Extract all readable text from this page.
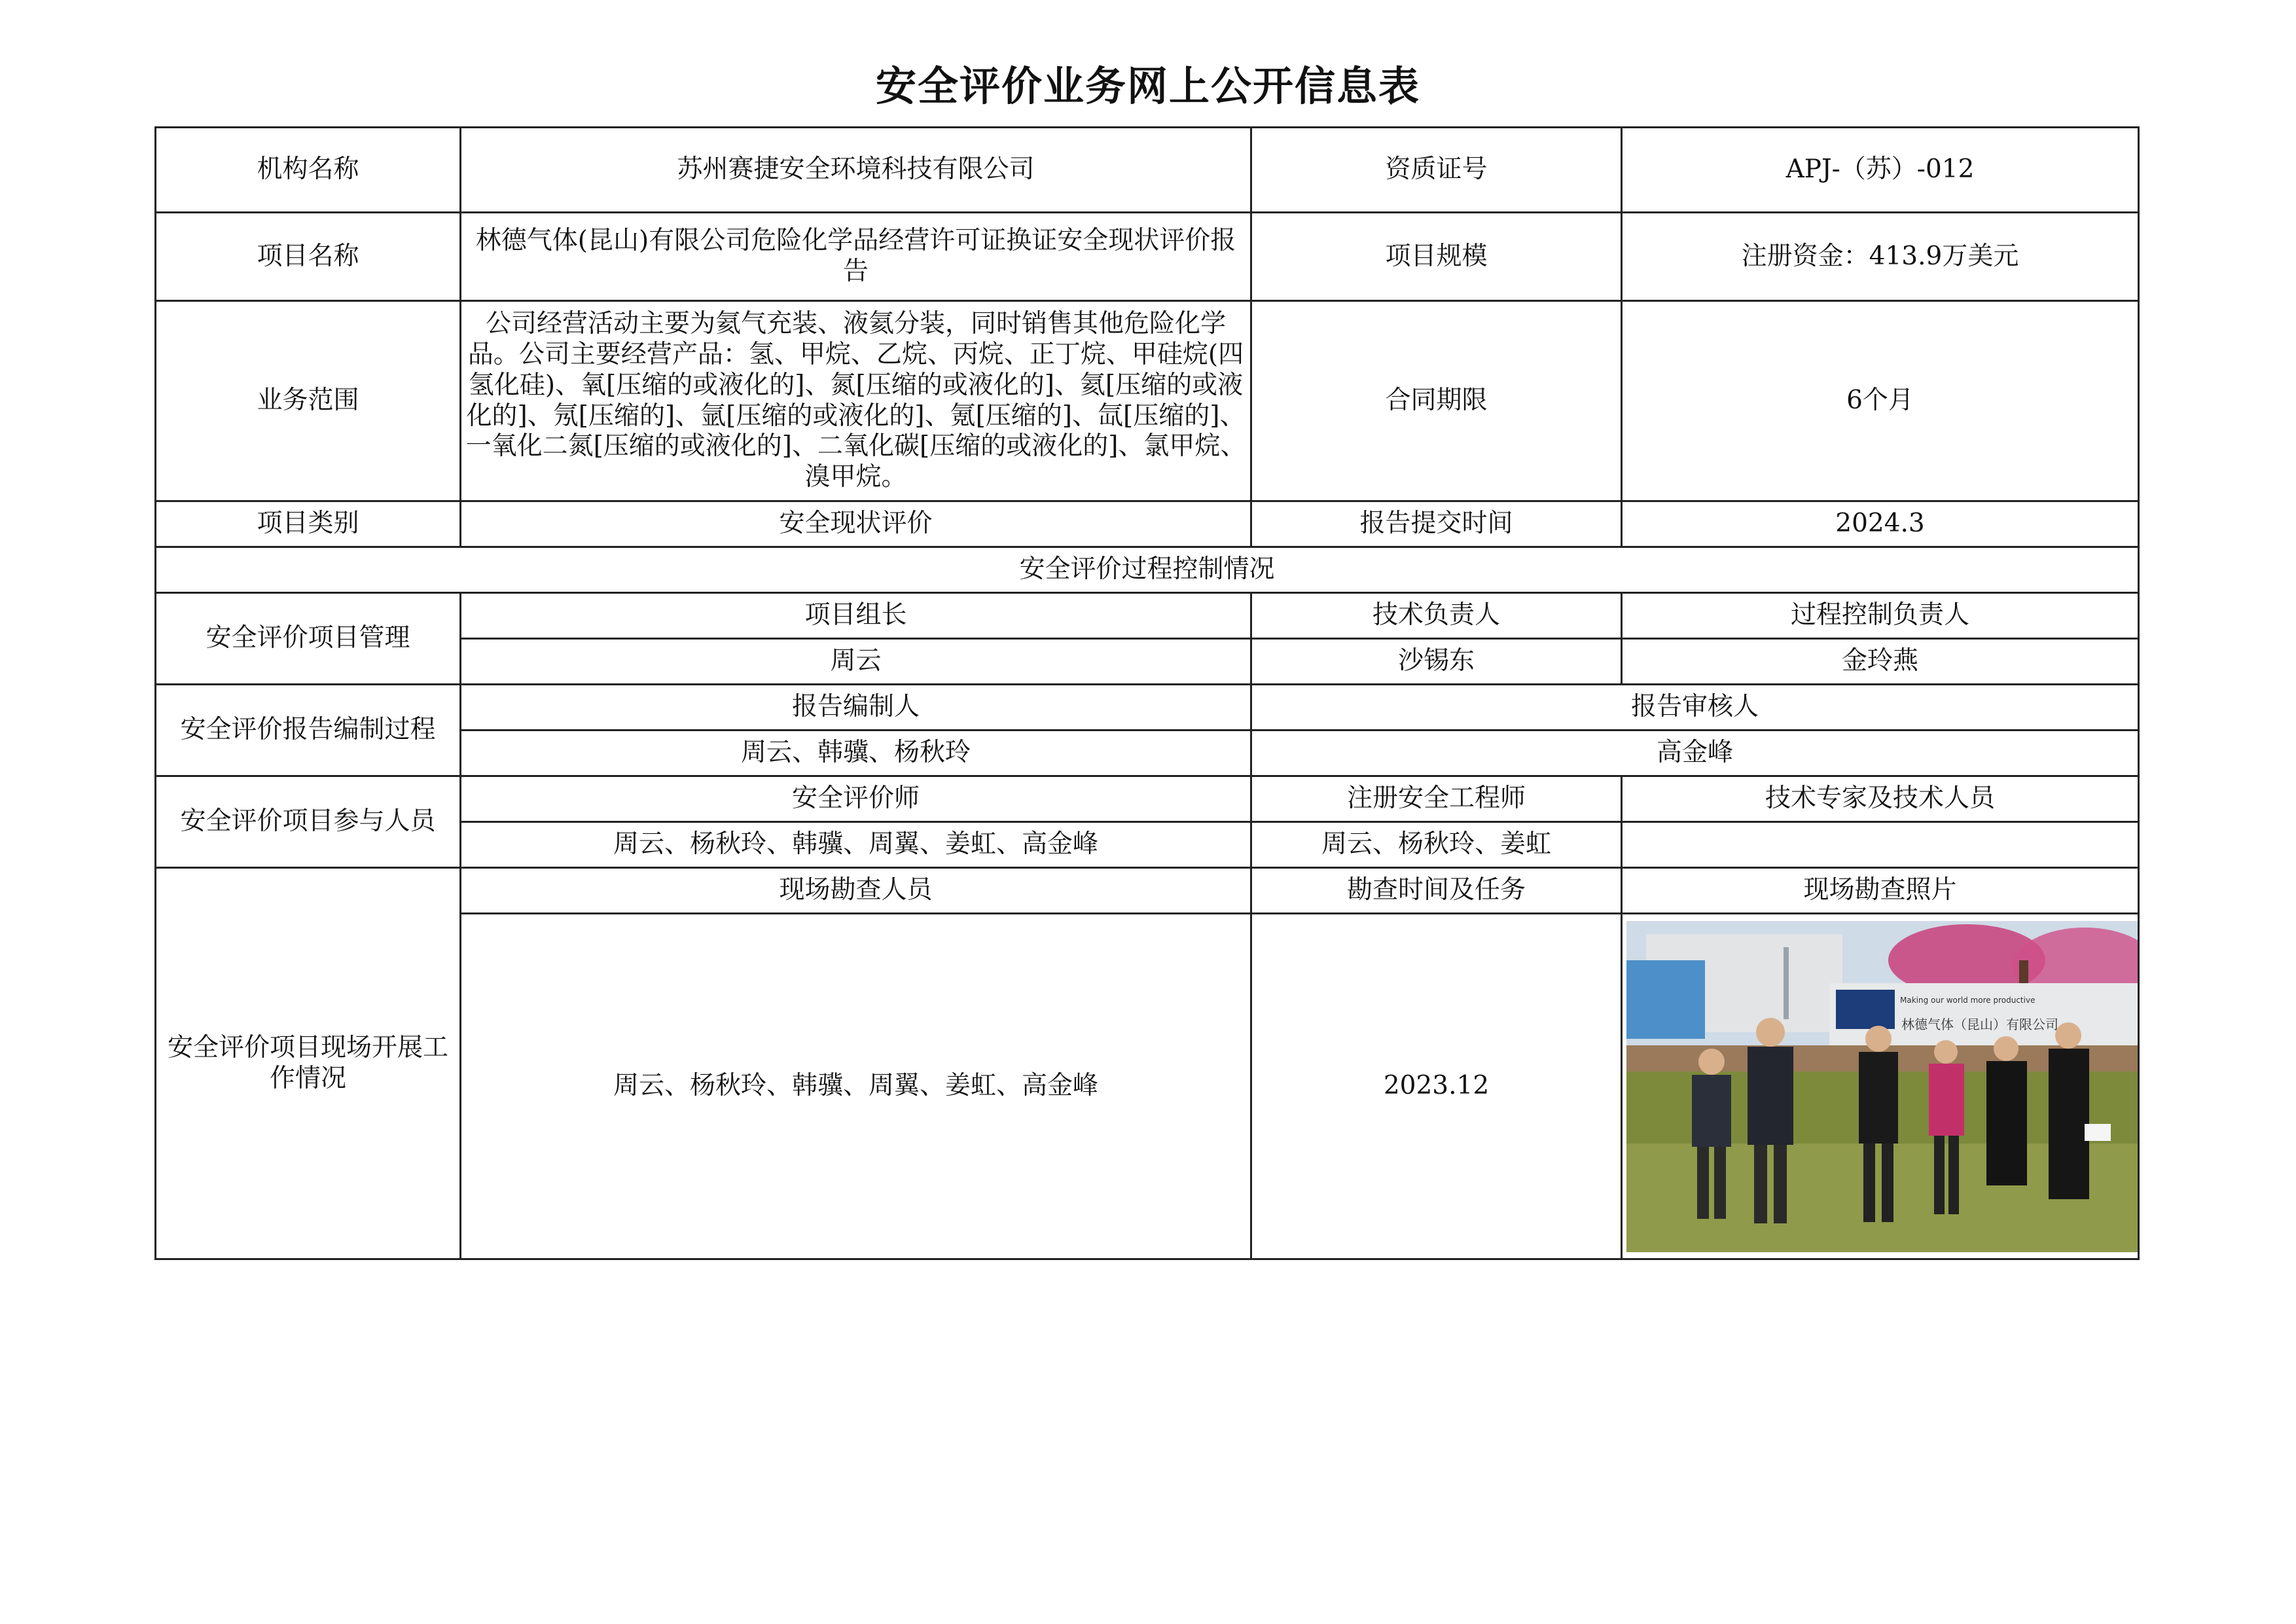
安全评价业务网上公开信息表
机构名称	苏州赛捷安全环境科技有限公司	资质证号	APJ-（苏）-012
项目名称	林德气体(昆山)有限公司危险化学品经营许可证换证安全现状评价报告	项目规模	注册资金：413.9万美元
业务范围	公司经营活动主要为氦气充装、液氦分装，同时销售其他危险化学品。公司主要经营产品：氢、甲烷、乙烷、丙烷、正丁烷、甲硅烷(四氢化硅)、氧[压缩的或液化的]、氮[压缩的或液化的]、氦[压缩的或液化的]、氖[压缩的]、氩[压缩的或液化的]、氪[压缩的]、氙[压缩的]、一氧化二氮[压缩的或液化的]、二氧化碳[压缩的或液化的]、氯甲烷、溴甲烷。	合同期限	6个月
项目类别	安全现状评价	报告提交时间	2024.3
安全评价过程控制情况			
安全评价项目管理	项目组长	技术负责人	过程控制负责人
	周云	沙锡东	金玲燕
安全评价报告编制过程	报告编制人	报告审核人	
	周云、韩骥、杨秋玲	高金峰	
安全评价项目参与人员	安全评价师	注册安全工程师	技术专家及技术人员
	周云、杨秋玲、韩骥、周翼、姜虹、高金峰	周云、杨秋玲、姜虹	
安全评价项目现场开展工作情况	现场勘查人员	勘查时间及任务	现场勘查照片
	周云、杨秋玲、韩骥、周翼、姜虹、高金峰	2023.12	Making our world more productive
林德气体（昆山）有限公司
